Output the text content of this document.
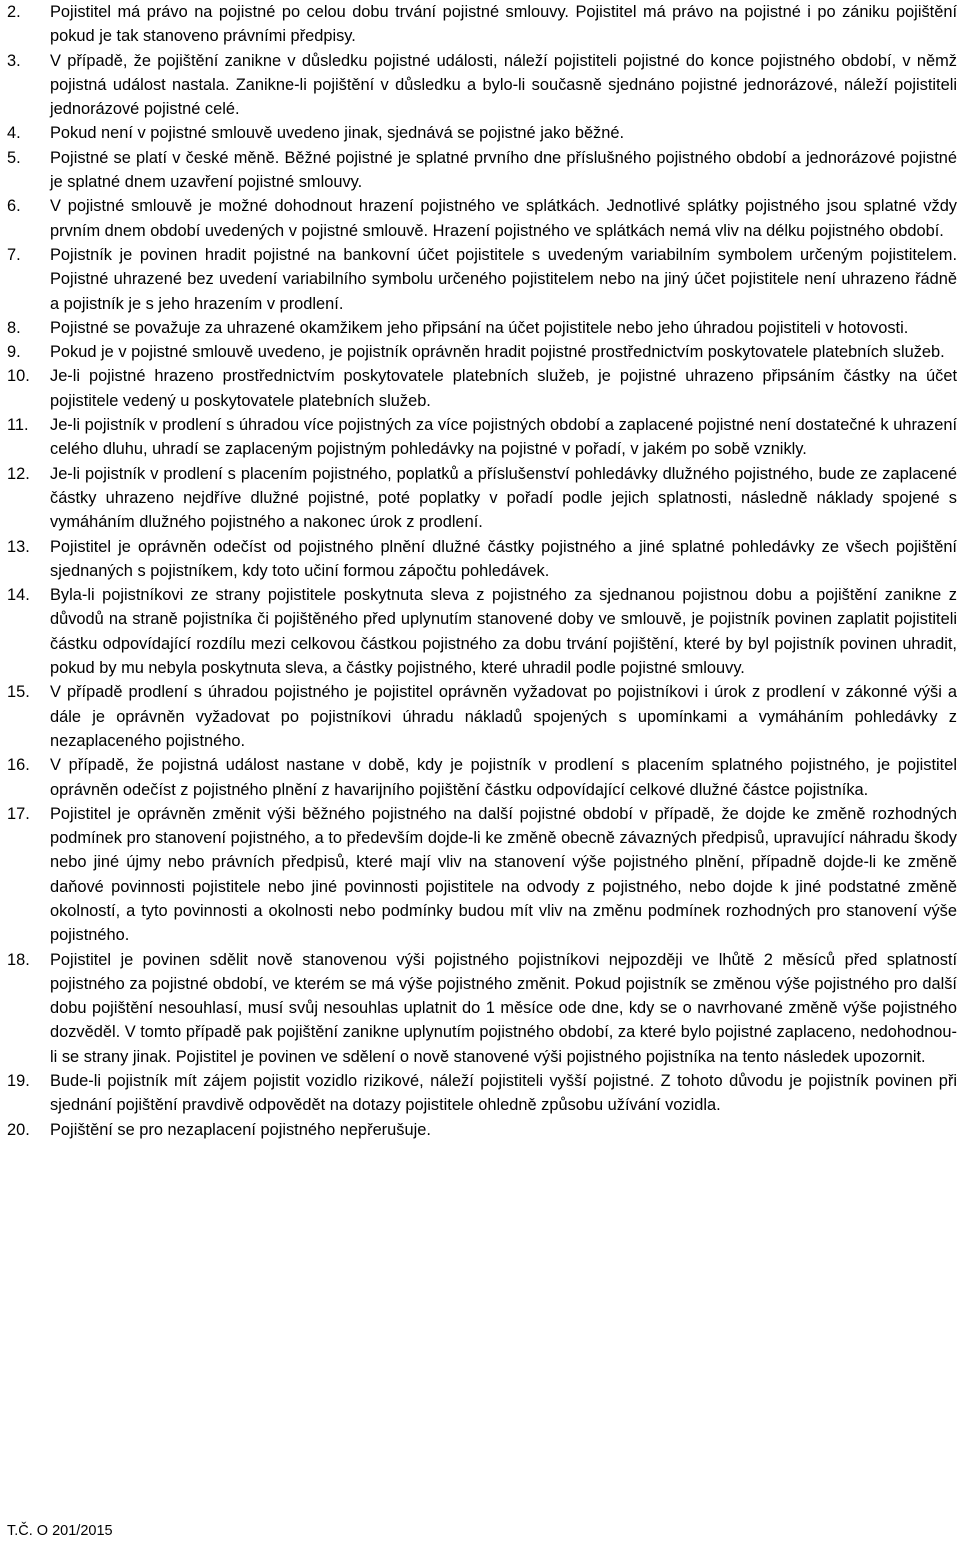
2.	Pojistitel má právo na pojistné po celou dobu trvání pojistné smlouvy. Pojistitel má právo na pojistné i po zániku pojištění pokud je tak stanoveno právními předpisy.
3.	V případě, že pojištění zanikne v důsledku pojistné události, náleží pojistiteli pojistné do konce pojistného období, v němž pojistná událost nastala. Zanikne-li pojištění v důsledku a bylo-li současně sjednáno pojistné jednorázové, náleží pojistiteli jednorázové pojistné celé.
4.	Pokud není v pojistné smlouvě uvedeno jinak, sjednává se pojistné jako běžné.
5.	Pojistné se platí v české měně. Běžné pojistné je splatné prvního dne příslušného pojistného období a jednorázové pojistné je splatné dnem uzavření pojistné smlouvy.
6.	V pojistné smlouvě je možné dohodnout hrazení pojistného ve splátkách. Jednotlivé splátky pojistného jsou splatné vždy prvním dnem období uvedených v pojistné smlouvě. Hrazení pojistného ve splátkách nemá vliv na délku pojistného období.
7.	Pojistník je povinen hradit pojistné na bankovní účet pojistitele s uvedeným variabilním symbolem určeným pojistitelem. Pojistné uhrazené bez uvedení variabilního symbolu určeného pojistitelem nebo na jiný účet pojistitele není uhrazeno řádně a pojistník je s jeho hrazením v prodlení.
8.	Pojistné se považuje za uhrazené okamžikem jeho připsání na účet pojistitele nebo jeho úhradou pojistiteli v hotovosti.
9.	Pokud je v pojistné smlouvě uvedeno, je pojistník oprávněn hradit pojistné prostřednictvím poskytovatele platebních služeb.
10.	Je-li pojistné hrazeno prostřednictvím poskytovatele platebních služeb, je pojistné uhrazeno připsáním částky na účet pojistitele vedený u poskytovatele platebních služeb.
11.	Je-li pojistník v prodlení s úhradou více pojistných za více pojistných období a zaplacené pojistné není dostatečné k uhrazení celého dluhu, uhradí se zaplaceným pojistným pohledávky na pojistné v pořadí, v jakém po sobě vznikly.
12.	Je-li pojistník v prodlení s placením pojistného, poplatků a příslušenství pohledávky dlužného pojistného, bude ze zaplacené částky uhrazeno nejdříve dlužné pojistné, poté poplatky v pořadí podle jejich splatnosti, následně náklady spojené s vymáháním dlužného pojistného a nakonec úrok z prodlení.
13.	Pojistitel je oprávněn odečíst od pojistného plnění dlužné částky pojistného a jiné splatné pohledávky ze všech pojištění sjednaných s pojistníkem, kdy toto učiní formou zápočtu pohledávek.
14.	Byla-li pojistníkovi ze strany pojistitele poskytnuta sleva z pojistného za sjednanou pojistnou dobu a pojištění zanikne z důvodů na straně pojistníka či pojištěného před uplynutím stanovené doby ve smlouvě, je pojistník povinen zaplatit pojistiteli částku odpovídající rozdílu mezi celkovou částkou pojistného za dobu trvání pojištění, které by byl pojistník povinen uhradit, pokud by mu nebyla poskytnuta sleva, a částky pojistného, které uhradil podle pojistné smlouvy.
15.	V případě prodlení s úhradou pojistného je pojistitel oprávněn vyžadovat po pojistníkovi i úrok z prodlení v zákonné výši a dále je oprávněn vyžadovat po pojistníkovi úhradu nákladů spojených s upomínkami a vymáháním pohledávky z nezaplaceného pojistného.
16.	V případě, že pojistná událost nastane v době, kdy je pojistník v prodlení s placením splatného pojistného, je pojistitel oprávněn odečíst z pojistného plnění z havarijního pojištění částku odpovídající celkové dlužné částce pojistníka.
17.	Pojistitel je oprávněn změnit výši běžného pojistného na další pojistné období v případě, že dojde ke změně rozhodných podmínek pro stanovení pojistného, a to především dojde-li ke změně obecně závazných předpisů, upravující náhradu škody nebo jiné újmy nebo právních předpisů, které mají vliv na stanovení výše pojistného plnění, případně dojde-li ke změně daňové povinnosti pojistitele nebo jiné povinnosti pojistitele na odvody z pojistného, nebo dojde k jiné podstatné změně okolností, a tyto povinnosti a okolnosti nebo podmínky budou mít vliv na změnu podmínek rozhodných pro stanovení výše pojistného.
18.	Pojistitel je povinen sdělit nově stanovenou výši pojistného pojistníkovi nejpozději ve lhůtě 2 měsíců před splatností pojistného za pojistné období, ve kterém se má výše pojistného změnit. Pokud pojistník se změnou výše pojistného pro další dobu pojištění nesouhlasí, musí svůj nesouhlas uplatnit do 1 měsíce ode dne, kdy se o navrhované změně výše pojistného dozvěděl. V tomto případě pak pojištění zanikne uplynutím pojistného období, za které bylo pojistné zaplaceno, nedohodnou-li se strany jinak. Pojistitel je povinen ve sdělení o nově stanovené výši pojistného pojistníka na tento následek upozornit.
19.	Bude-li pojistník mít zájem pojistit vozidlo rizikové, náleží pojistiteli vyšší pojistné. Z tohoto důvodu je pojistník povinen při sjednání pojištění pravdivě odpovědět na dotazy pojistitele ohledně způsobu užívání vozidla.
20.	Pojištění se pro nezaplacení pojistného nepřerušuje.
T.Č. O 201/2015
